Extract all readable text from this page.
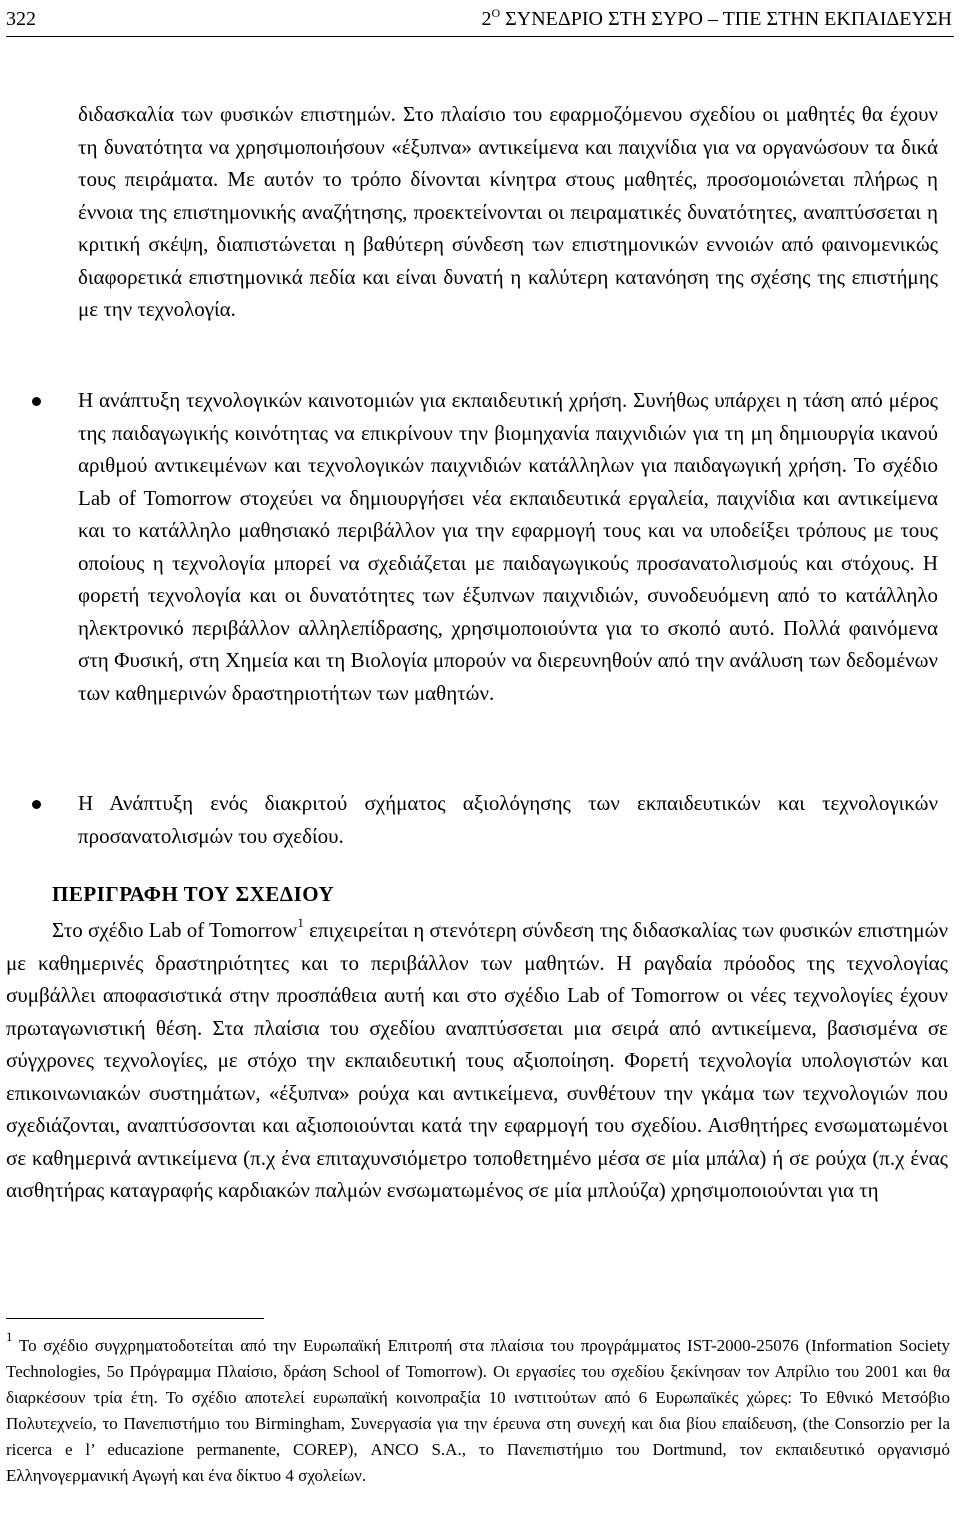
322	$2^O$ ΣΥΝΕΔΡΙΟ ΣΤΗ ΣΥΡΟ – ΤΠΕ ΣΤΗΝ ΕΚΠΑΙΔΕΥΣΗ

διδασκαλία των φυσικών επιστημών. Στο πλαίσιο του εφαρμοζόμενου σχεδίου οι μαθητές θα έχουν τη δυνατότητα να χρησιμοποιήσουν «έξυπνα» αντικείμενα και παιχνίδια για να οργανώσουν τα δικά τους πειράματα. Με αυτόν το τρόπο δίνονται κίνητρα στους μαθητές, προσομοιώνεται πλήρως η έννοια της επιστημονικής αναζήτησης, προεκτείνονται οι πειραματικές δυνατότητες, αναπτύσσεται η κριτική σκέψη, διαπιστώνεται η βαθύτερη σύνδεση των επιστημονικών εννοιών από φαινομενικώς διαφορετικά επιστημονικά πεδία και είναι δυνατή η καλύτερη κατανόηση της σχέσης της επιστήμης με την τεχνολογία.

Η ανάπτυξη τεχνολογικών καινοτομιών για εκπαιδευτική χρήση. Συνήθως υπάρχει η τάση από μέρος της παιδαγωγικής κοινότητας να επικρίνουν την βιομηχανία παιχνιδιών για τη μη δημιουργία ικανού αριθμού αντικειμένων και τεχνολογικών παιχνιδιών κατάλληλων για παιδαγωγική χρήση. Το σχέδιο Lab of Tomorrow στοχεύει να δημιουργήσει νέα εκπαιδευτικά εργαλεία, παιχνίδια και αντικείμενα και το κατάλληλο μαθησιακό περιβάλλον για την εφαρμογή τους και να υποδείξει τρόπους με τους οποίους η τεχνολογία μπορεί να σχεδιάζεται με παιδαγωγικούς προσανατολισμούς και στόχους. Η φορετή τεχνολογία και οι δυνατότητες των έξυπνων παιχνιδιών, συνοδευόμενη από το κατάλληλο ηλεκτρονικό περιβάλλον αλληλεπίδρασης, χρησιμοποιούντα για το σκοπό αυτό. Πολλά φαινόμενα στη Φυσική, στη Χημεία και τη Βιολογία μπορούν να διερευνηθούν από την ανάλυση των δεδομένων των καθημερινών δραστηριοτήτων των μαθητών.

Η Ανάπτυξη ενός διακριτού σχήματος αξιολόγησης των εκπαιδευτικών και τεχνολογικών προσανατολισμών του σχεδίου.

ΠΕΡΙΓΡΑΦΗ ΤΟΥ ΣΧΕΔΙΟΥ

Στο σχέδιο Lab of Tomorrow$^1$ επιχειρείται η στενότερη σύνδεση της διδασκαλίας των φυσικών επιστημών με καθημερινές δραστηριότητες και το περιβάλλον των μαθητών. Η ραγδαία πρόοδος της τεχνολογίας συμβάλλει αποφασιστικά στην προσπάθεια αυτή και στο σχέδιο Lab of Tomorrow οι νέες τεχνολογίες έχουν πρωταγωνιστική θέση. Στα πλαίσια του σχεδίου αναπτύσσεται μια σειρά από αντικείμενα, βασισμένα σε σύγχρονες τεχνολογίες, με στόχο την εκπαιδευτική τους αξιοποίηση. Φορετή τεχνολογία υπολογιστών και επικοινωνιακών συστημάτων, «έξυπνα» ρούχα και αντικείμενα, συνθέτουν την γκάμα των τεχνολογιών που σχεδιάζονται, αναπτύσσονται και αξιοποιούνται κατά την εφαρμογή του σχεδίου. Αισθητήρες ενσωματωμένοι σε καθημερινά αντικείμενα (π.χ ένα επιταχυνσιόμετρο τοποθετημένο μέσα σε μία μπάλα) ή σε ρούχα (π.χ ένας αισθητήρας καταγραφής καρδιακών παλμών ενσωματωμένος σε μία μπλούζα) χρησιμοποιούνται για τη

$^1$ Το σχέδιο συγχρηματοδοτείται από την Ευρωπαϊκή Επιτροπή στα πλαίσια του προγράμματος IST-2000-25076 (Information Society Technologies, 5ο Πρόγραμμα Πλαίσιο, δράση School of Tomorrow). Οι εργασίες του σχεδίου ξεκίνησαν τον Απρίλιο του 2001 και θα διαρκέσουν τρία έτη. Το σχέδιο αποτελεί ευρωπαϊκή κοινοπραξία 10 ινστιτούτων από 6 Ευρωπαϊκές χώρες: Το Εθνικό Μετσόβιο Πολυτεχνείο, το Πανεπιστήμιο του Birmingham, Συνεργασία για την έρευνα στη συνεχή και δια βίου επαίδευση, (the Consorzio per la ricerca e l’ educazione permanente, COREP), ANCO S.A., το Πανεπιστήμιο του Dortmund, τον εκπαιδευτικό οργανισμό Ελληνογερμανική Αγωγή και ένα δίκτυο 4 σχολείων.
